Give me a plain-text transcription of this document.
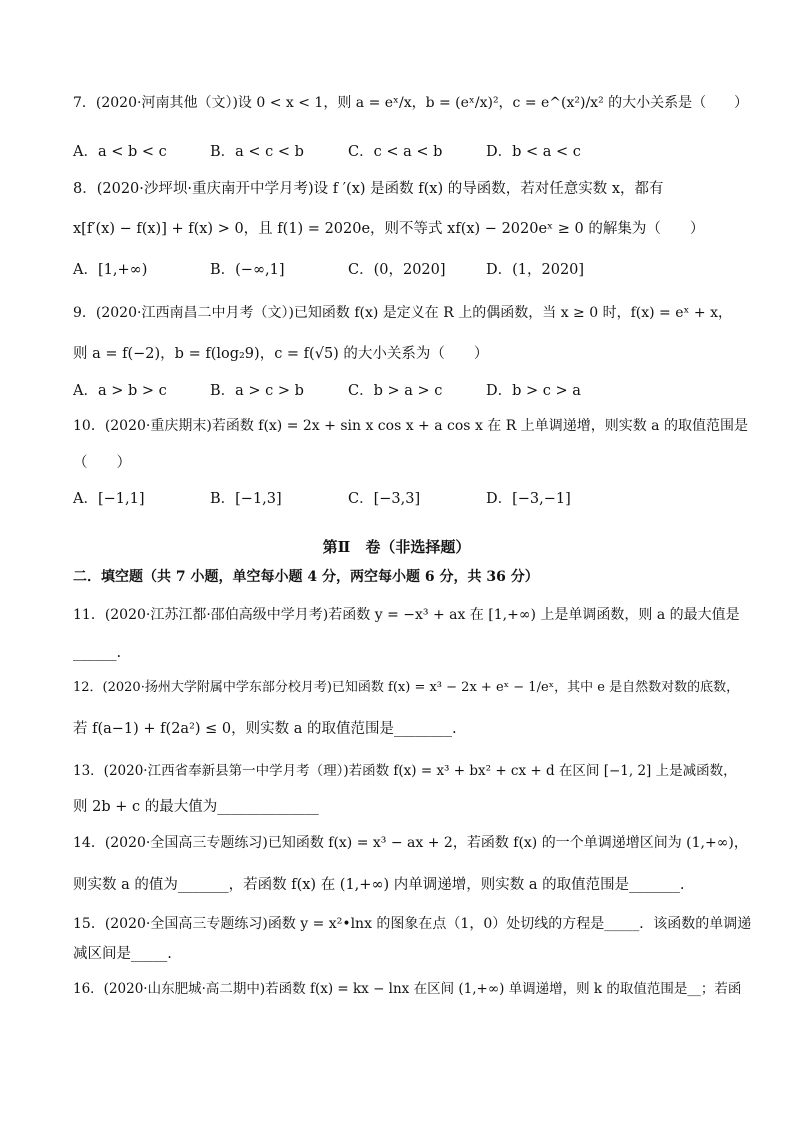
7．(2020·河南其他（文）)设 0 < x < 1，则 a = eˣ/x，b = (eˣ/x)²，c = e^(x²)/x² 的大小关系是（　　）
A．a < b < c	B．a < c < b	C．c < a < b	D．b < a < c
8．(2020·沙坪坝·重庆南开中学月考)设 f ′(x) 是函数 f(x) 的导函数，若对任意实数 x，都有
x[f′(x) − f(x)] + f(x) > 0，且 f(1) = 2020e，则不等式 xf(x) − 2020eˣ ≥ 0 的解集为（　　）
A．[1,+∞)	B．(−∞,1]	C．(0，2020]	D．(1，2020]
9．(2020·江西南昌二中月考（文）)已知函数 f(x) 是定义在 R 上的偶函数，当 x ≥ 0 时，f(x) = eˣ + x，
则 a = f(−2)，b = f(log₂9)，c = f(√5) 的大小关系为（　　）
A．a > b > c	B．a > c > b	C．b > a > c	D．b > c > a
10．(2020·重庆期末)若函数 f(x) = 2x + sin x cos x + a cos x 在 R 上单调递增，则实数 a 的取值范围是
（　　）
A．[−1,1]	B．[−1,3]	C．[−3,3]	D．[−3,−1]
第Ⅱ　卷（非选择题）
二．填空题（共 7 小题，单空每小题 4 分，两空每小题 6 分，共 36 分）
11．(2020·江苏江都·邵伯高级中学月考)若函数 y = −x³ + ax 在 [1,+∞) 上是单调函数，则 a 的最大值是
______.
12．(2020·扬州大学附属中学东部分校月考)已知函数 f(x) = x³ − 2x + eˣ − 1/eˣ，其中 e 是自然数对数的底数，
若 f(a−1) + f(2a²) ≤ 0，则实数 a 的取值范围是________.
13．(2020·江西省奉新县第一中学月考（理）)若函数 f(x) = x³ + bx² + cx + d 在区间 [−1, 2] 上是减函数，
则 2b + c 的最大值为______________
14．(2020·全国高三专题练习)已知函数 f(x) = x³ − ax + 2，若函数 f(x) 的一个单调递增区间为 (1,+∞)，
则实数 a 的值为_______，若函数 f(x) 在 (1,+∞) 内单调递增，则实数 a 的取值范围是_______.
15．(2020·全国高三专题练习)函数 y = x²•lnx 的图象在点（1，0）处切线的方程是_____．该函数的单调递
减区间是_____.
16．(2020·山东肥城·高二期中)若函数 f(x) = kx − lnx 在区间 (1,+∞) 单调递增，则 k 的取值范围是__；若函
